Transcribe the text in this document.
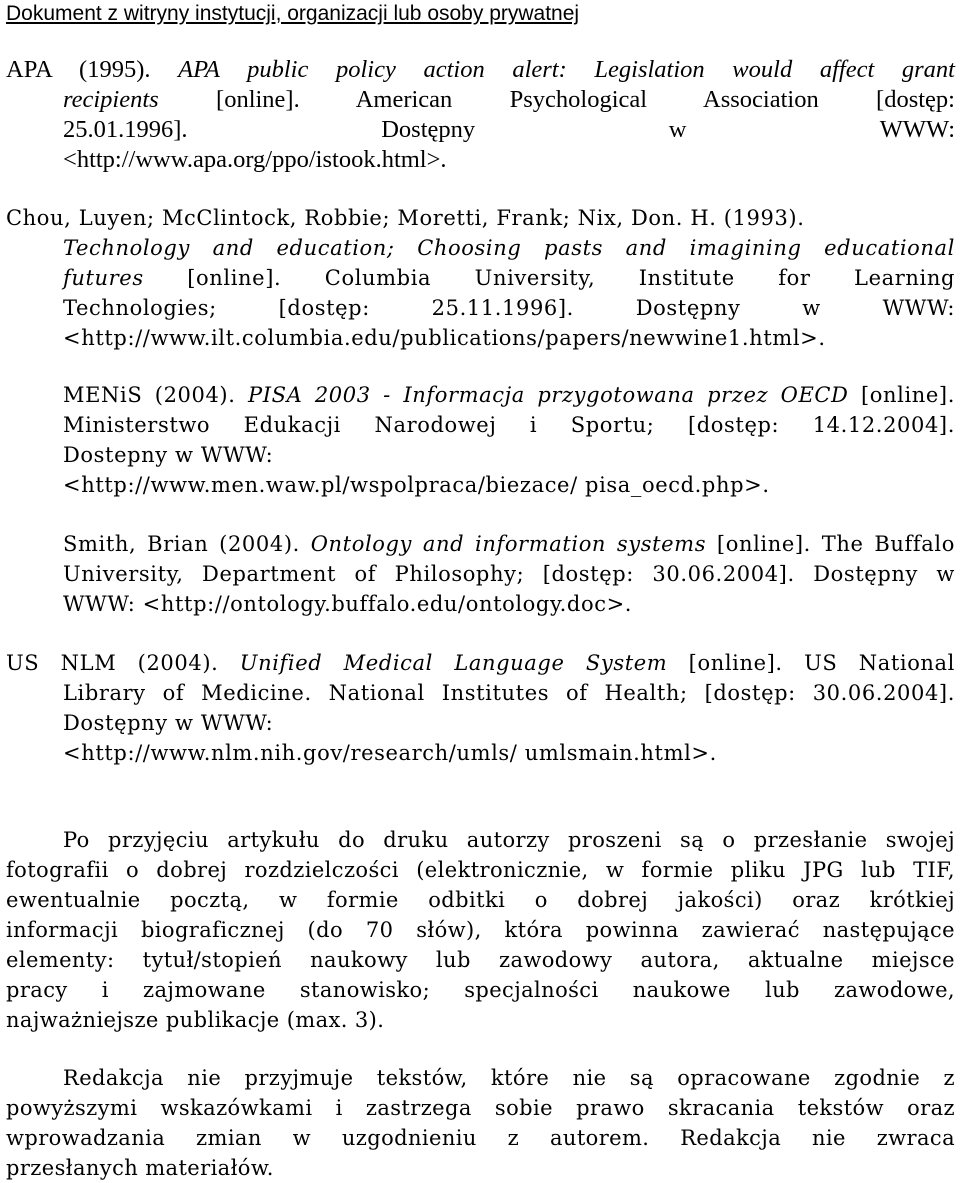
Dokument z witryny instytucji, organizacji lub osoby prywatnej
APA (1995). APA public policy action alert: Legislation would affect grant
recipients [online]. American Psychological Association [dostęp:
25.01.1996]. Dostępny w WWW:
<http://www.apa.org/ppo/istook.html>.
Chou, Luyen; McClintock, Robbie; Moretti, Frank; Nix, Don. H. (1993).
Technology and education; Choosing pasts and imagining educational
futures [online]. Columbia University, Institute for Learning
Technologies; [dostęp: 25.11.1996]. Dostępny w WWW:
<http://www.ilt.columbia.edu/publications/papers/newwine1.html>.
MENiS (2004). PISA 2003 - Informacja przygotowana przez OECD [online].
Ministerstwo Edukacji Narodowej i Sportu; [dostęp: 14.12.2004].
Dostepny w WWW:
<http://www.men.waw.pl/wspolpraca/biezace/ pisa_oecd.php>.
Smith, Brian (2004). Ontology and information systems [online]. The Buffalo
University, Department of Philosophy; [dostęp: 30.06.2004]. Dostępny w
WWW: <http://ontology.buffalo.edu/ontology.doc>.
US NLM (2004). Unified Medical Language System [online]. US National
Library of Medicine. National Institutes of Health; [dostęp: 30.06.2004].
Dostępny w WWW:
<http://www.nlm.nih.gov/research/umls/ umlsmain.html>.
Po przyjęciu artykułu do druku autorzy proszeni są o przesłanie swojej
fotografii o dobrej rozdzielczości (elektronicznie, w formie pliku JPG lub TIF,
ewentualnie pocztą, w formie odbitki o dobrej jakości) oraz krótkiej
informacji biograficznej (do 70 słów), która powinna zawierać następujące
elementy: tytuł/stopień naukowy lub zawodowy autora, aktualne miejsce
pracy i zajmowane stanowisko; specjalności naukowe lub zawodowe,
najważniejsze publikacje (max. 3).
Redakcja nie przyjmuje tekstów, które nie są opracowane zgodnie z
powyższymi wskazówkami i zastrzega sobie prawo skracania tekstów oraz
wprowadzania zmian w uzgodnieniu z autorem. Redakcja nie zwraca
przesłanych materiałów.
